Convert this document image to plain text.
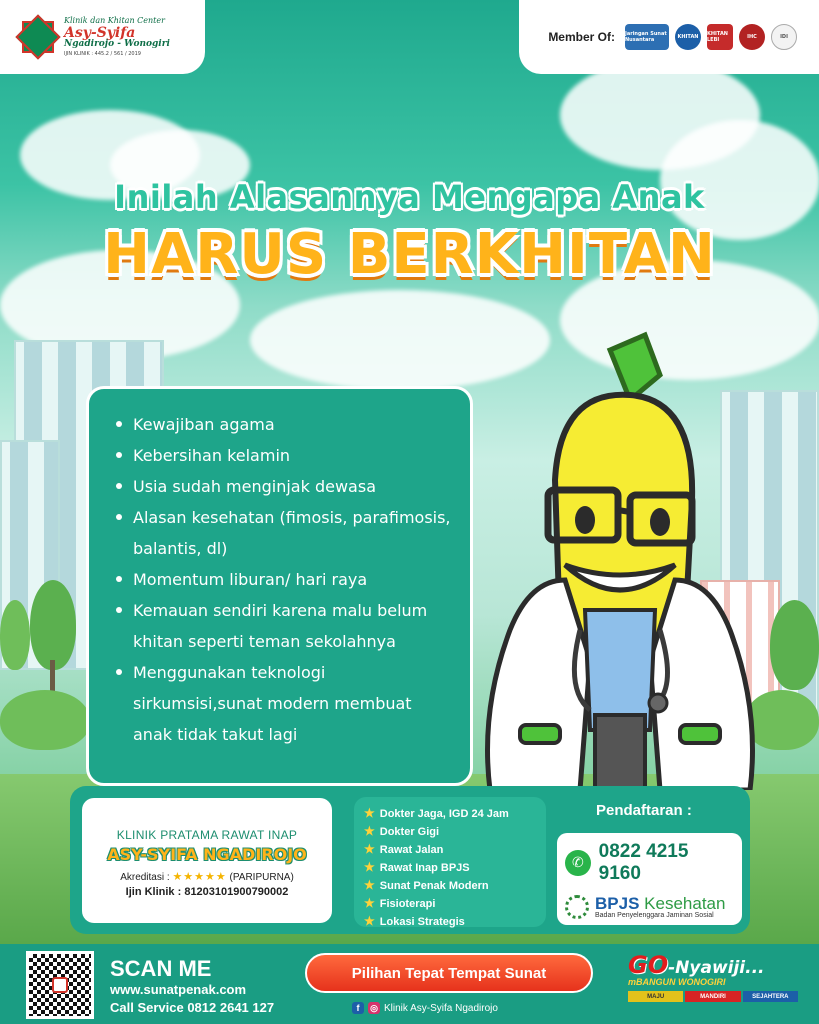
Klinik dan Khitan Center
Asy-Syifa
Ngadirojo - Wonogiri
IJIN KLINIK : 445.2 / 561 / 2019
Member Of: Jaringan Sunat Nusantara	KHITAN	KHITAN LEBI	IHC	IDI
Inilah Alasannya Mengapa Anak
HARUS BERKHITAN
Kewajiban agama
Kebersihan kelamin
Usia sudah menginjak dewasa
Alasan kesehatan (fimosis, parafimosis, balantis, dl)
Momentum liburan/ hari raya
Kemauan sendiri karena malu belum khitan seperti teman sekolahnya
Menggunakan teknologi sirkumsisi,sunat modern membuat anak tidak takut lagi
KLINIK PRATAMA RAWAT INAP
ASY-SYIFA NGADIROJO
Akreditasi : ★★★★★ (PARIPURNA)
Ijin Klinik : 81203101900790002
★ Dokter Jaga, IGD 24 Jam
★ Dokter Gigi
★ Rawat Jalan
★ Rawat Inap BPJS
★ Sunat Penak Modern
★ Fisioterapi
★ Lokasi Strategis
Pendaftaran :
✆
0822 4215 9160
BPJS Kesehatan
Badan Penyelenggara Jaminan Sosial
SCAN ME
www.sunatpenak.com
Call Service 0812 2641 127
Pilihan Tepat Tempat Sunat
f	◎ Klinik Asy-Syifa Ngadirojo
GO-Nyawiji...
mBANGUN WONOGIRI
MAJU	MANDIRI	SEJAHTERA
